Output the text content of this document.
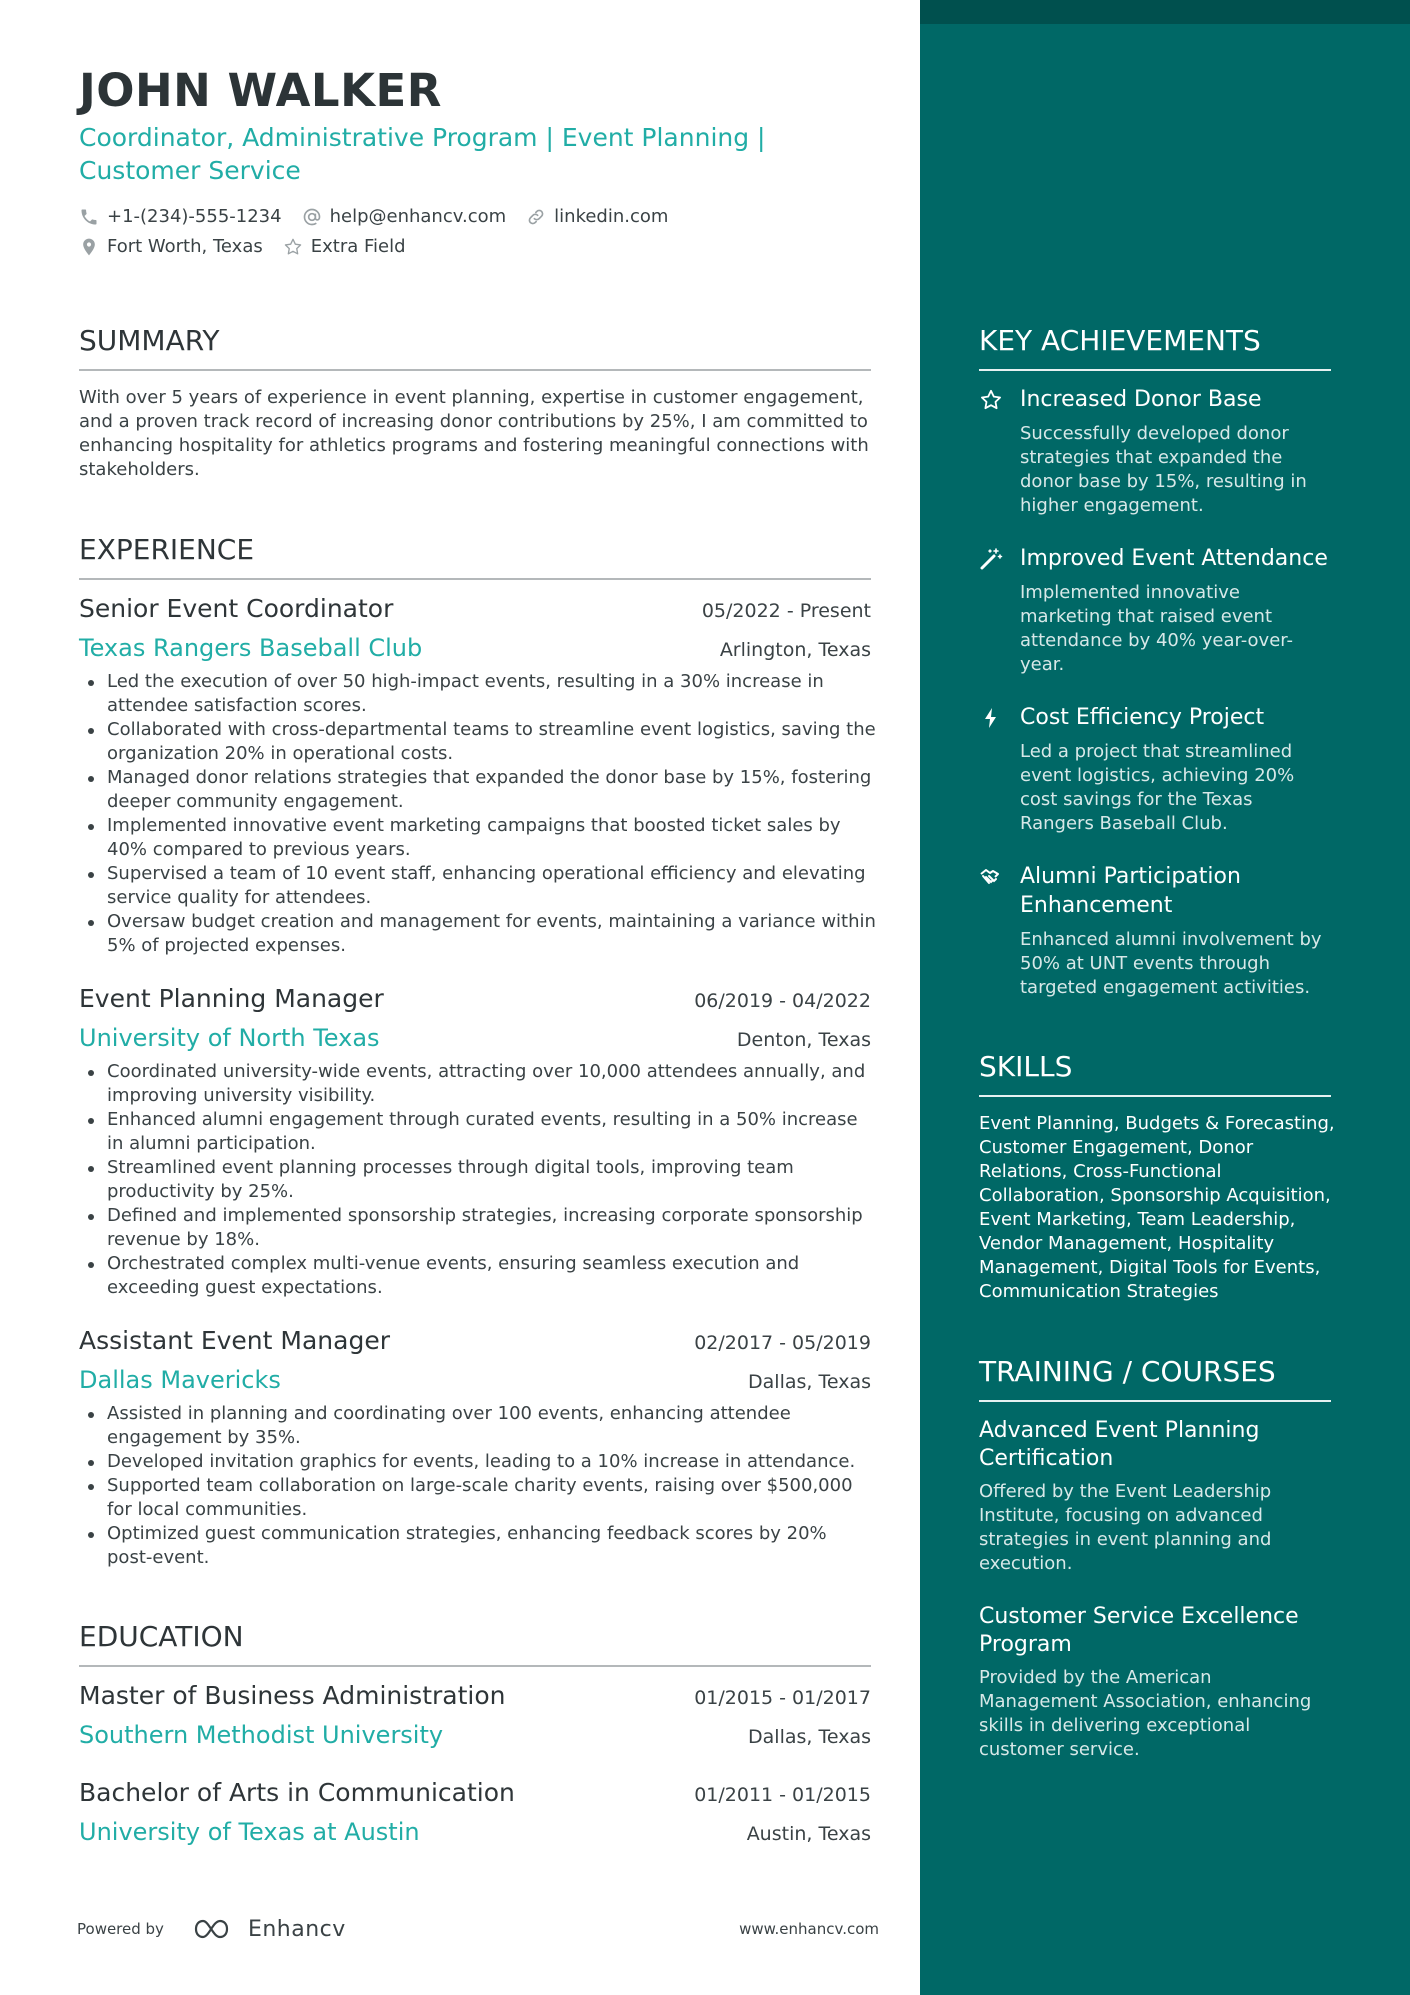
JOHN WALKER
Coordinator, Administrative Program | Event Planning | Customer Service
+1-(234)-555-1234	help@enhancv.com	linkedin.com
Fort Worth, Texas	Extra Field
SUMMARY
With over 5 years of experience in event planning, expertise in customer engagement, and a proven track record of increasing donor contributions by 25%, I am committed to enhancing hospitality for athletics programs and fostering meaningful connections with stakeholders.
EXPERIENCE
Senior Event Coordinator	05/2022 - Present
Texas Rangers Baseball Club	Arlington, Texas
Led the execution of over 50 high-impact events, resulting in a 30% increase in attendee satisfaction scores.
Collaborated with cross-departmental teams to streamline event logistics, saving the organization 20% in operational costs.
Managed donor relations strategies that expanded the donor base by 15%, fostering deeper community engagement.
Implemented innovative event marketing campaigns that boosted ticket sales by 40% compared to previous years.
Supervised a team of 10 event staff, enhancing operational efficiency and elevating service quality for attendees.
Oversaw budget creation and management for events, maintaining a variance within 5% of projected expenses.
Event Planning Manager	06/2019 - 04/2022
University of North Texas	Denton, Texas
Coordinated university-wide events, attracting over 10,000 attendees annually, and improving university visibility.
Enhanced alumni engagement through curated events, resulting in a 50% increase in alumni participation.
Streamlined event planning processes through digital tools, improving team productivity by 25%.
Defined and implemented sponsorship strategies, increasing corporate sponsorship revenue by 18%.
Orchestrated complex multi-venue events, ensuring seamless execution and exceeding guest expectations.
Assistant Event Manager	02/2017 - 05/2019
Dallas Mavericks	Dallas, Texas
Assisted in planning and coordinating over 100 events, enhancing attendee engagement by 35%.
Developed invitation graphics for events, leading to a 10% increase in attendance.
Supported team collaboration on large-scale charity events, raising over $500,000 for local communities.
Optimized guest communication strategies, enhancing feedback scores by 20% post-event.
EDUCATION
Master of Business Administration	01/2015 - 01/2017
Southern Methodist University	Dallas, Texas
Bachelor of Arts in Communication	01/2011 - 01/2015
University of Texas at Austin	Austin, Texas
Powered by	Enhancv	www.enhancv.com
KEY ACHIEVEMENTS
Increased Donor Base
Successfully developed donor strategies that expanded the donor base by 15%, resulting in higher engagement.
Improved Event Attendance
Implemented innovative marketing that raised event attendance by 40% year-over-year.
Cost Efficiency Project
Led a project that streamlined event logistics, achieving 20% cost savings for the Texas Rangers Baseball Club.
Alumni Participation Enhancement
Enhanced alumni involvement by 50% at UNT events through targeted engagement activities.
SKILLS
Event Planning, Budgets & Forecasting, Customer Engagement, Donor Relations, Cross-Functional Collaboration, Sponsorship Acquisition, Event Marketing, Team Leadership, Vendor Management, Hospitality Management, Digital Tools for Events, Communication Strategies
TRAINING / COURSES
Advanced Event Planning Certification
Offered by the Event Leadership Institute, focusing on advanced strategies in event planning and execution.
Customer Service Excellence Program
Provided by the American Management Association, enhancing skills in delivering exceptional customer service.
